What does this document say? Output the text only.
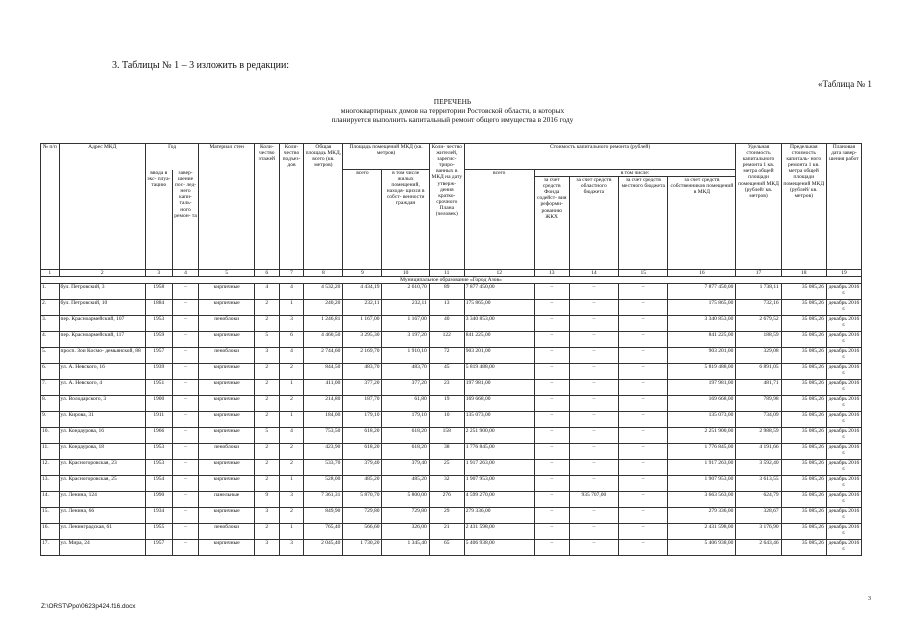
3. Таблицы № 1 – 3 изложить в редакции:
«Таблица № 1
ПЕРЕЧЕНЬ
многоквартирных домов на территории Ростовской области, в которых
планируется выполнить капитальный ремонт общего имущества в 2016 году
№ п/п	Адрес МКД	Год		Материал стен	Коли- чество этажей	Коли- чество подъез- дов	Общая площадь МКД, всего (кв. метров)	Площадь помещений МКД (кв. метров)		Коли- чество жителей, зарегис- триро- ванных в МКД на дату утверж- дения кратко- срочного Плана (человек)	Стоимость капитального ремонта (рублей)					Удельная стоимость капитального ремонта 1 кв. метра общей площади помещений МКД (рублей/ кв. метров)	Предельная стоимость капиталь- ного ремонта 1 кв. метра общей площади помещений МКД (рублей/ кв. метров)	Плановая дата завер- шения работ
		ввода в экс- плуа- тацию	завер- шение пос- лед- него капи- таль- ного ремон- та					всего	в том числе жилых помещений, находя- щихся в собст- венности граждан		всего	в том числе:						
												за счет средств Фонда содейст- вия реформи- рованию ЖКХ	за счет средств областного бюджета	за счет средств местного бюджета	за счет средств собственников помещений в МКД			
1	2	3	4	5	6	7	8	9	10	11	12	13	14	15	16	17	18	19
Муниципальное образование «Город Азов»																		
1.	бул. Петровский, 3	1958	–	кирпичные	4	4	4 532,20	4 434,19	2 610,70	89	7 877 450,00	–	–	–	7 877 450,00	1 738,11	35 085,26	декабрь 2016 г.
2.	бул. Петровский, 10	1884	–	кирпичные	2	1	240,20	232,11	232,11	13	175 865,00	–	–	–	175 865,00	732,16	35 085,26	декабрь 2016 г.
3.	пер. Красноармейский, 107	1953	–	пеноблоки	2	3	1 246,81	1 167,00	1 167,00	40	3 340 853,00	–	–	–	3 340 853,00	2 679,52	35 085,26	декабрь 2016 г.
4.	пер. Красноармейский, 117	1959	–	кирпичные	5	6	4 460,50	3 295,30	3 197,20	122	841 225,00	–	–	–	841 225,00	188,59	35 085,26	декабрь 2016 г.
5.	просп. Зои Космо- демьянской, 88	1957	–	пеноблоки	3	4	2 744,60	2 169,70	1 910,10	72	903 201,00	–	–	–	903 201,00	329,08	35 085,26	декабрь 2016 г.
6.	ул. А. Невского, 16	1939	–	кирпичные	2	2	844,50	483,70	483,70	45	5 819 488,00	–	–	–	5 819 488,00	6 891,05	35 085,26	декабрь 2016 г.
7.	ул. А. Невского, 4	1951	–	кирпичные	2	1	411,00	377,20	377,20	23	197 981,00	–	–	–	197 981,00	481,71	35 085,26	декабрь 2016 г.
8.	ул. Володарского, 3	1900	–	кирпичные	2	2	214,80	187,70	61,80	19	169 668,00	–	–	–	169 668,00	789,98	35 085,26	декабрь 2016 г.
9.	ул. Кирова, 31	1911	–	кирпичные	2	1	184,00	179,10	179,10	10	135 073,00	–	–	–	135 073,00	734,09	35 085,26	декабрь 2016 г.
10.	ул. Кондаурова, 16	1966	–	кирпичные	5	4	753,50	618,20	618,20	158	2 251 900,00	–	–	–	2 251 900,00	2 988,59	35 085,26	декабрь 2016 г.
11.	ул. Кондаурова, 18	1953	–	пеноблоки	2	2	423,90	618,20	618,20	38	1 776 845,00	–	–	–	1 776 845,00	4 191,66	35 085,26	декабрь 2016 г.
12.	ул. Красногоровская, 23	1953	–	кирпичные	2	2	533,70	379,40	379,40	25	1 917 263,00	–	–	–	1 917 263,00	3 592,40	35 085,26	декабрь 2016 г.
13.	ул. Красногоровская, 25	1954	–	кирпичные	2	1	528,00	485,20	485,20	32	1 907 953,00	–	–	–	1 907 953,00	3 613,55	35 085,26	декабрь 2016 г.
14.	ул. Ленина, 124	1990	–	панельные	9	3	7 361,31	5 870,70	5 800,00	276	4 599 270,00	–	935 707,00	–	3 663 563,00	624,79	35 085,26	декабрь 2016 г.
15.	ул. Ленина, 66	1934	–	кирпичные	3	2	849,90	729,80	729,80	29	279 336,00	–	–	–	279 336,00	328,67	35 085,26	декабрь 2016 г.
16.	ул. Ленинградская, 61	1955	–	пеноблоки	2	1	765,40	566,60	326,00	21	2 431 598,00	–	–	–	2 431 598,00	3 176,90	35 085,26	декабрь 2016 г.
17.	ул. Мира, 24	1957	–	кирпичные	3	3	2 045,40	1 730,20	1 345,40	65	5 406 938,00	–	–	–	5 406 938,00	2 643,46	35 085,26	декабрь 2016 г.
3
Z:\ORST\Ppo\0623p424.f16.docx
